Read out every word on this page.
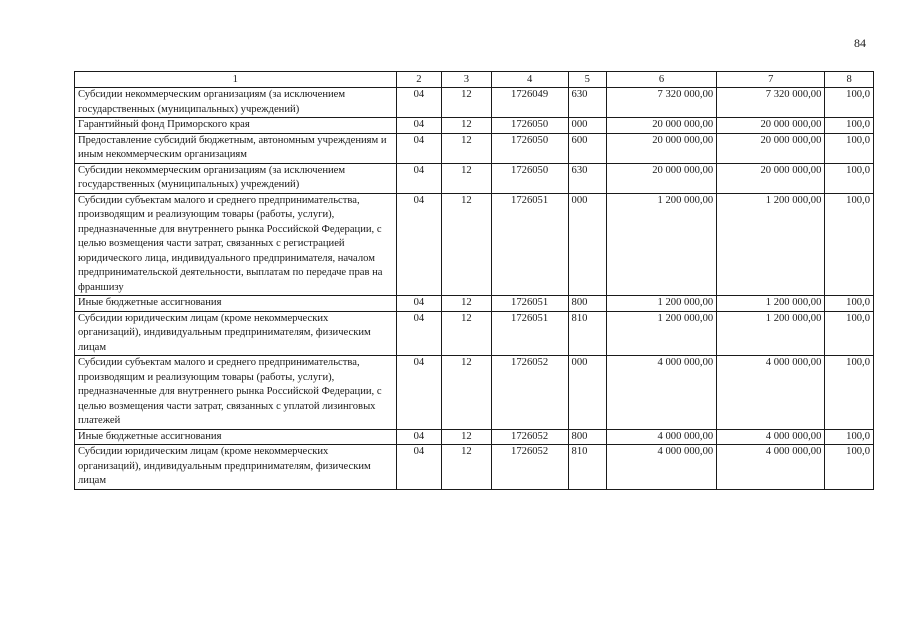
84
1	2	3	4	5	6	7	8
Субсидии некоммерческим организациям (за исключением государственных (муниципальных) учреждений)	04	12	1726049	630	7 320 000,00	7 320 000,00	100,0
Гарантийный фонд Приморского края	04	12	1726050	000	20 000 000,00	20 000 000,00	100,0
Предоставление субсидий бюджетным, автономным учреждениям и иным некоммерческим организациям	04	12	1726050	600	20 000 000,00	20 000 000,00	100,0
Субсидии некоммерческим организациям (за исключением государственных (муниципальных) учреждений)	04	12	1726050	630	20 000 000,00	20 000 000,00	100,0
Субсидии субъектам малого и среднего предпринимательства, производящим и реализующим товары (работы, услуги), предназначенные для внутреннего рынка Российской Федерации, с целью возмещения части затрат, связанных с регистрацией юридического лица, индивидуального предпринимателя, началом предпринимательской деятельности, выплатам по передаче прав на франшизу	04	12	1726051	000	1 200 000,00	1 200 000,00	100,0
Иные бюджетные ассигнования	04	12	1726051	800	1 200 000,00	1 200 000,00	100,0
Субсидии юридическим лицам (кроме некоммерческих организаций), индивидуальным предпринимателям, физическим лицам	04	12	1726051	810	1 200 000,00	1 200 000,00	100,0
Субсидии субъектам малого и среднего предпринимательства, производящим и реализующим товары (работы, услуги), предназначенные для внутреннего рынка Российской Федерации, с целью возмещения части затрат, связанных с уплатой лизинговых платежей	04	12	1726052	000	4 000 000,00	4 000 000,00	100,0
Иные бюджетные ассигнования	04	12	1726052	800	4 000 000,00	4 000 000,00	100,0
Субсидии юридическим лицам (кроме некоммерческих организаций), индивидуальным предпринимателям, физическим лицам	04	12	1726052	810	4 000 000,00	4 000 000,00	100,0
